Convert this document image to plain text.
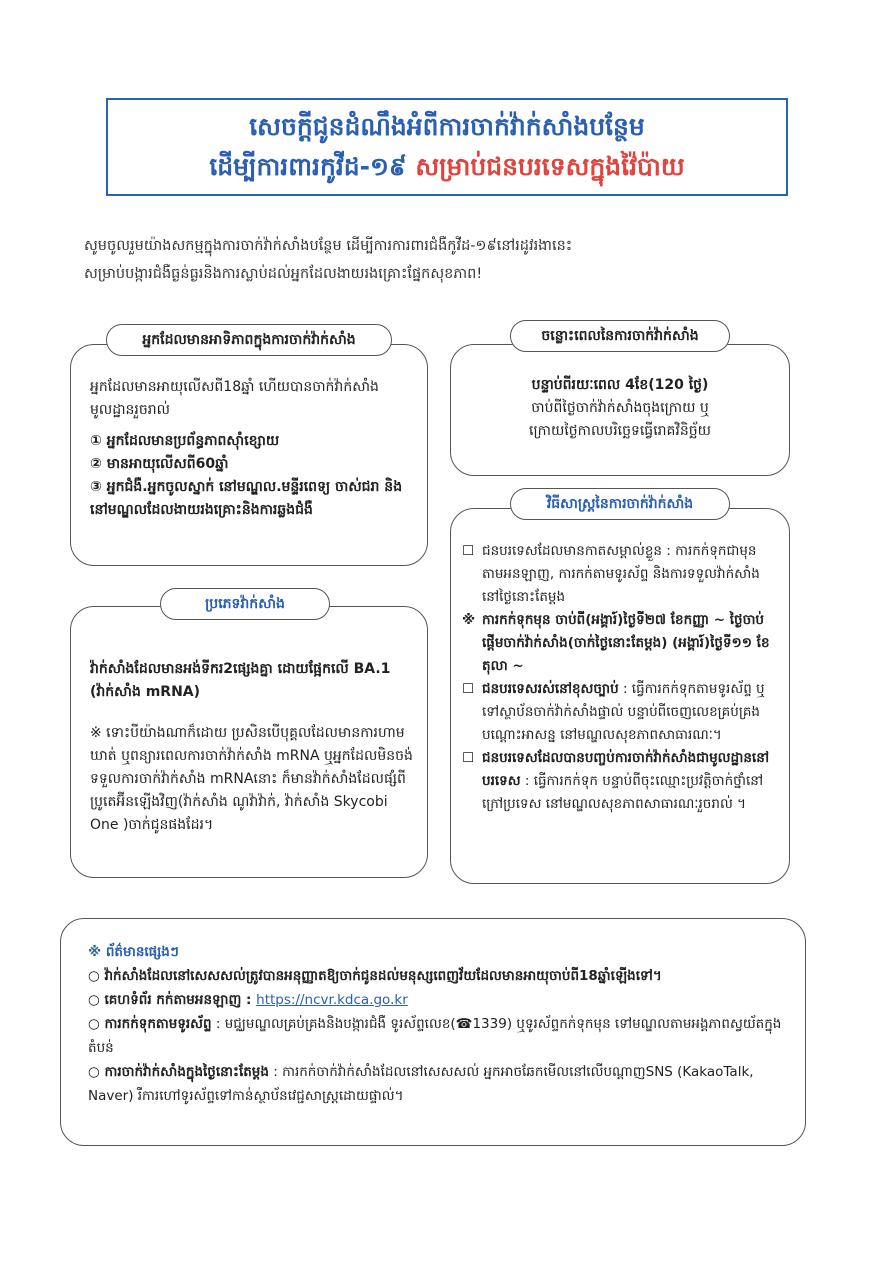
សេចក្តីជូនដំណឹងអំពីការចាក់វ៉ាក់សាំងបន្ថែម
ដើម្បីការពារកូវីដ-១៩ សម្រាប់ជនបរទេសក្នុងវ៉ៃប៉ាយ
សូមចូលរួមយ៉ាងសកម្មក្នុងការចាក់វ៉ាក់សាំងបន្ថែម ដើម្បីការការពារជំងឺកូវីដ-១៩នៅរដូវរងានេះ
សម្រាប់បង្ការជំងឺធ្ងន់ធ្ងរនិងការស្លាប់ដល់អ្នកដែលងាយរងគ្រោះផ្នែកសុខភាព!
អ្នកដែលមានអាទិភាពក្នុងការចាក់វ៉ាក់សាំង

អ្នកដែលមានអាយុលើសពី18ឆ្នាំ ហើយបានចាក់វ៉ាក់សាំងមូលដ្ឋានរួចរាល់

① អ្នកដែលមានប្រព័ន្ធភាពស៊ាំខ្សោយ

② មានអាយុលើសពី60ឆ្នាំ

③ អ្នកជំងឺ.អ្នកចូលស្នាក់ នៅមណ្ឌល.មន្ទីរពេទ្យ ចាស់ជរា និងនៅមណ្ឌលដែលងាយរងគ្រោះនិងការឆ្លងជំងឺ

ចន្លោះពេលនៃការចាក់វ៉ាក់សាំង

បន្ទាប់ពីរយៈពេល 4ខែ(120 ថ្ងៃ)

ចាប់ពីថ្ងៃចាក់វ៉ាក់សាំងចុងក្រោយ ឬ

ក្រោយថ្ងៃកាលបរិច្ឆេទធ្វើរោគវិនិច្ឆ័យ

ប្រភេទវ៉ាក់សាំង

វ៉ាក់សាំងដែលមានអង់ទីករ2ផ្សេងគ្នា ដោយផ្អែកលើ BA.1 (វ៉ាក់សាំង mRNA)

※ ទោះបីយ៉ាងណាក៏ដោយ ប្រសិនបើបុគ្គលដែលមានការហាមឃាត់ ឬពន្យារពេលការចាក់វ៉ាក់សាំង mRNA ឬអ្នកដែលមិនចង់ទទួលការចាក់វ៉ាក់សាំង mRNAនោះ ក៏មានវ៉ាក់សាំងដែលផ្សំពីប្រូតេអ៊ីនឡើងវិញ(វ៉ាក់សាំង ណូវ៉ាវ៉ាក់, វ៉ាក់សាំង Skycobi One )ចាក់ជូនផងដែរ។

វិធីសាស្ត្រនៃការចាក់វ៉ាក់សាំង
☐ ជនបរទេសដែលមានកាតសម្គាល់ខ្លួន : ការកក់ទុកជាមុនតាមអនឡាញ, ការកក់តាមទូរស័ព្ទ និងការទទួលវ៉ាក់សាំង នៅថ្ងៃនោះតែម្តង
※ ការកក់ទុកមុន ចាប់ពី(អង្គារ៍)ថ្ងៃទី២៧ ខែកញ្ញា ~ ថ្ងៃចាប់ផ្តើមចាក់វ៉ាក់សាំង(ចាក់ថ្ងៃនោះតែម្តង) (អង្គារ៍)ថ្ងៃទី១១ ខែតុលា ~
☐ ជនបរទេសរស់នៅខុសច្បាប់ : ធ្វើការកក់ទុកតាមទូរស័ព្ទ ឬទៅស្ថាប័នចាក់វ៉ាក់សាំងផ្ទាល់ បន្ទាប់ពីចេញលេខគ្រប់គ្រងបណ្តោះអាសន្ន នៅមណ្ឌលសុខភាពសាធារណៈ។
☐ ជនបរទេសដែលបានបញ្ចប់ការចាក់វ៉ាក់សាំងជាមូលដ្ឋាននៅបរទេស : ធ្វើការកក់ទុក បន្ទាប់ពីចុះឈ្មោះប្រវត្តិចាក់ថ្នាំនៅក្រៅប្រទេស នៅមណ្ឌលសុខភាពសាធារណៈរួចរាល់ ។

※ ព័ត៌មានផ្សេងៗ

○ វ៉ាក់សាំងដែលនៅសេសសល់ត្រូវបានអនុញ្ញាតឱ្យចាក់ជូនដល់មនុស្សពេញវ័យដែលមានអាយុចាប់ពី18ឆ្នាំឡើងទៅ។

○ គេហទំព័រ កក់តាមអនឡាញ : https://ncvr.kdca.go.kr

○ ការកក់ទុកតាមទូរស័ព្ទ : មជ្ឈមណ្ឌលគ្រប់គ្រងនិងបង្ការជំងឺ ទូរស័ព្ទលេខ(☎1339) ឬទូរស័ព្ទកក់ទុកមុន ទៅមណ្ឌលតាមអង្គភាពស្វយ័តក្នុងតំបន់

○ ការចាក់វ៉ាក់សាំងក្នុងថ្ងៃនោះតែម្តង : ការកក់ចាក់វ៉ាក់សាំងដែលនៅសេសសល់ អ្នកអាចឆែកមើលនៅលើបណ្តាញSNS (KakaoTalk, Naver) រឺការហៅទូរស័ព្ទទៅកាន់ស្ថាប័នវេជ្ជសាស្ត្រដោយផ្ទាល់។
